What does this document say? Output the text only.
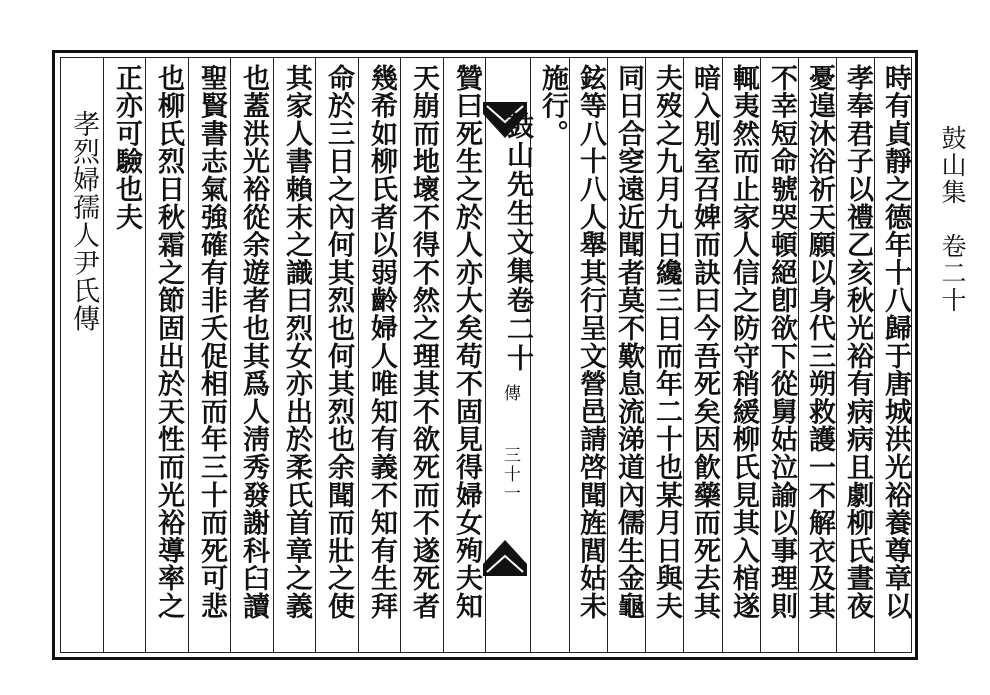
鼓山集　卷二十
鼓山先生文集卷二十
傳
三十一	時有貞靜之德年十八歸于唐城洪光裕養尊章以
孝奉君子以禮乙亥秋光裕有病病且劇柳氏晝夜
憂遑沐浴祈天願以身代三朔救護一不解衣及其
不幸短命號哭頓絕卽欲下從舅姑泣諭以事理則
輒夷然而止家人信之防守稍緩柳氏見其入棺遂
暗入別室召婢而訣曰今吾死矣因飮藥而死去其
夫歿之九月九日纔三日而年二十也某月日與夫
同日合窆遠近聞者莫不歎息流涕道內儒生金龜
鉉等八十八人舉其行呈文營邑請啓聞旌閭姑未
施行。
贊曰死生之於人亦大矣苟不固見得婦女殉夫知
天崩而地壞不得不然之理其不欲死而不遂死者
幾希如柳氏者以弱齡婦人唯知有義不知有生拜
命於三日之內何其烈也何其烈也余聞而壯之使
其家人書賴末之識曰烈女亦出於柔氏首章之義
也蓋洪光裕從余遊者也其爲人淸秀發謝科臼讀
聖賢書志氣強確有非夭促相而年三十而死可悲
也柳氏烈日秋霜之節固出於天性而光裕導率之
正亦可驗也夫
孝烈婦孺人尹氏傳
